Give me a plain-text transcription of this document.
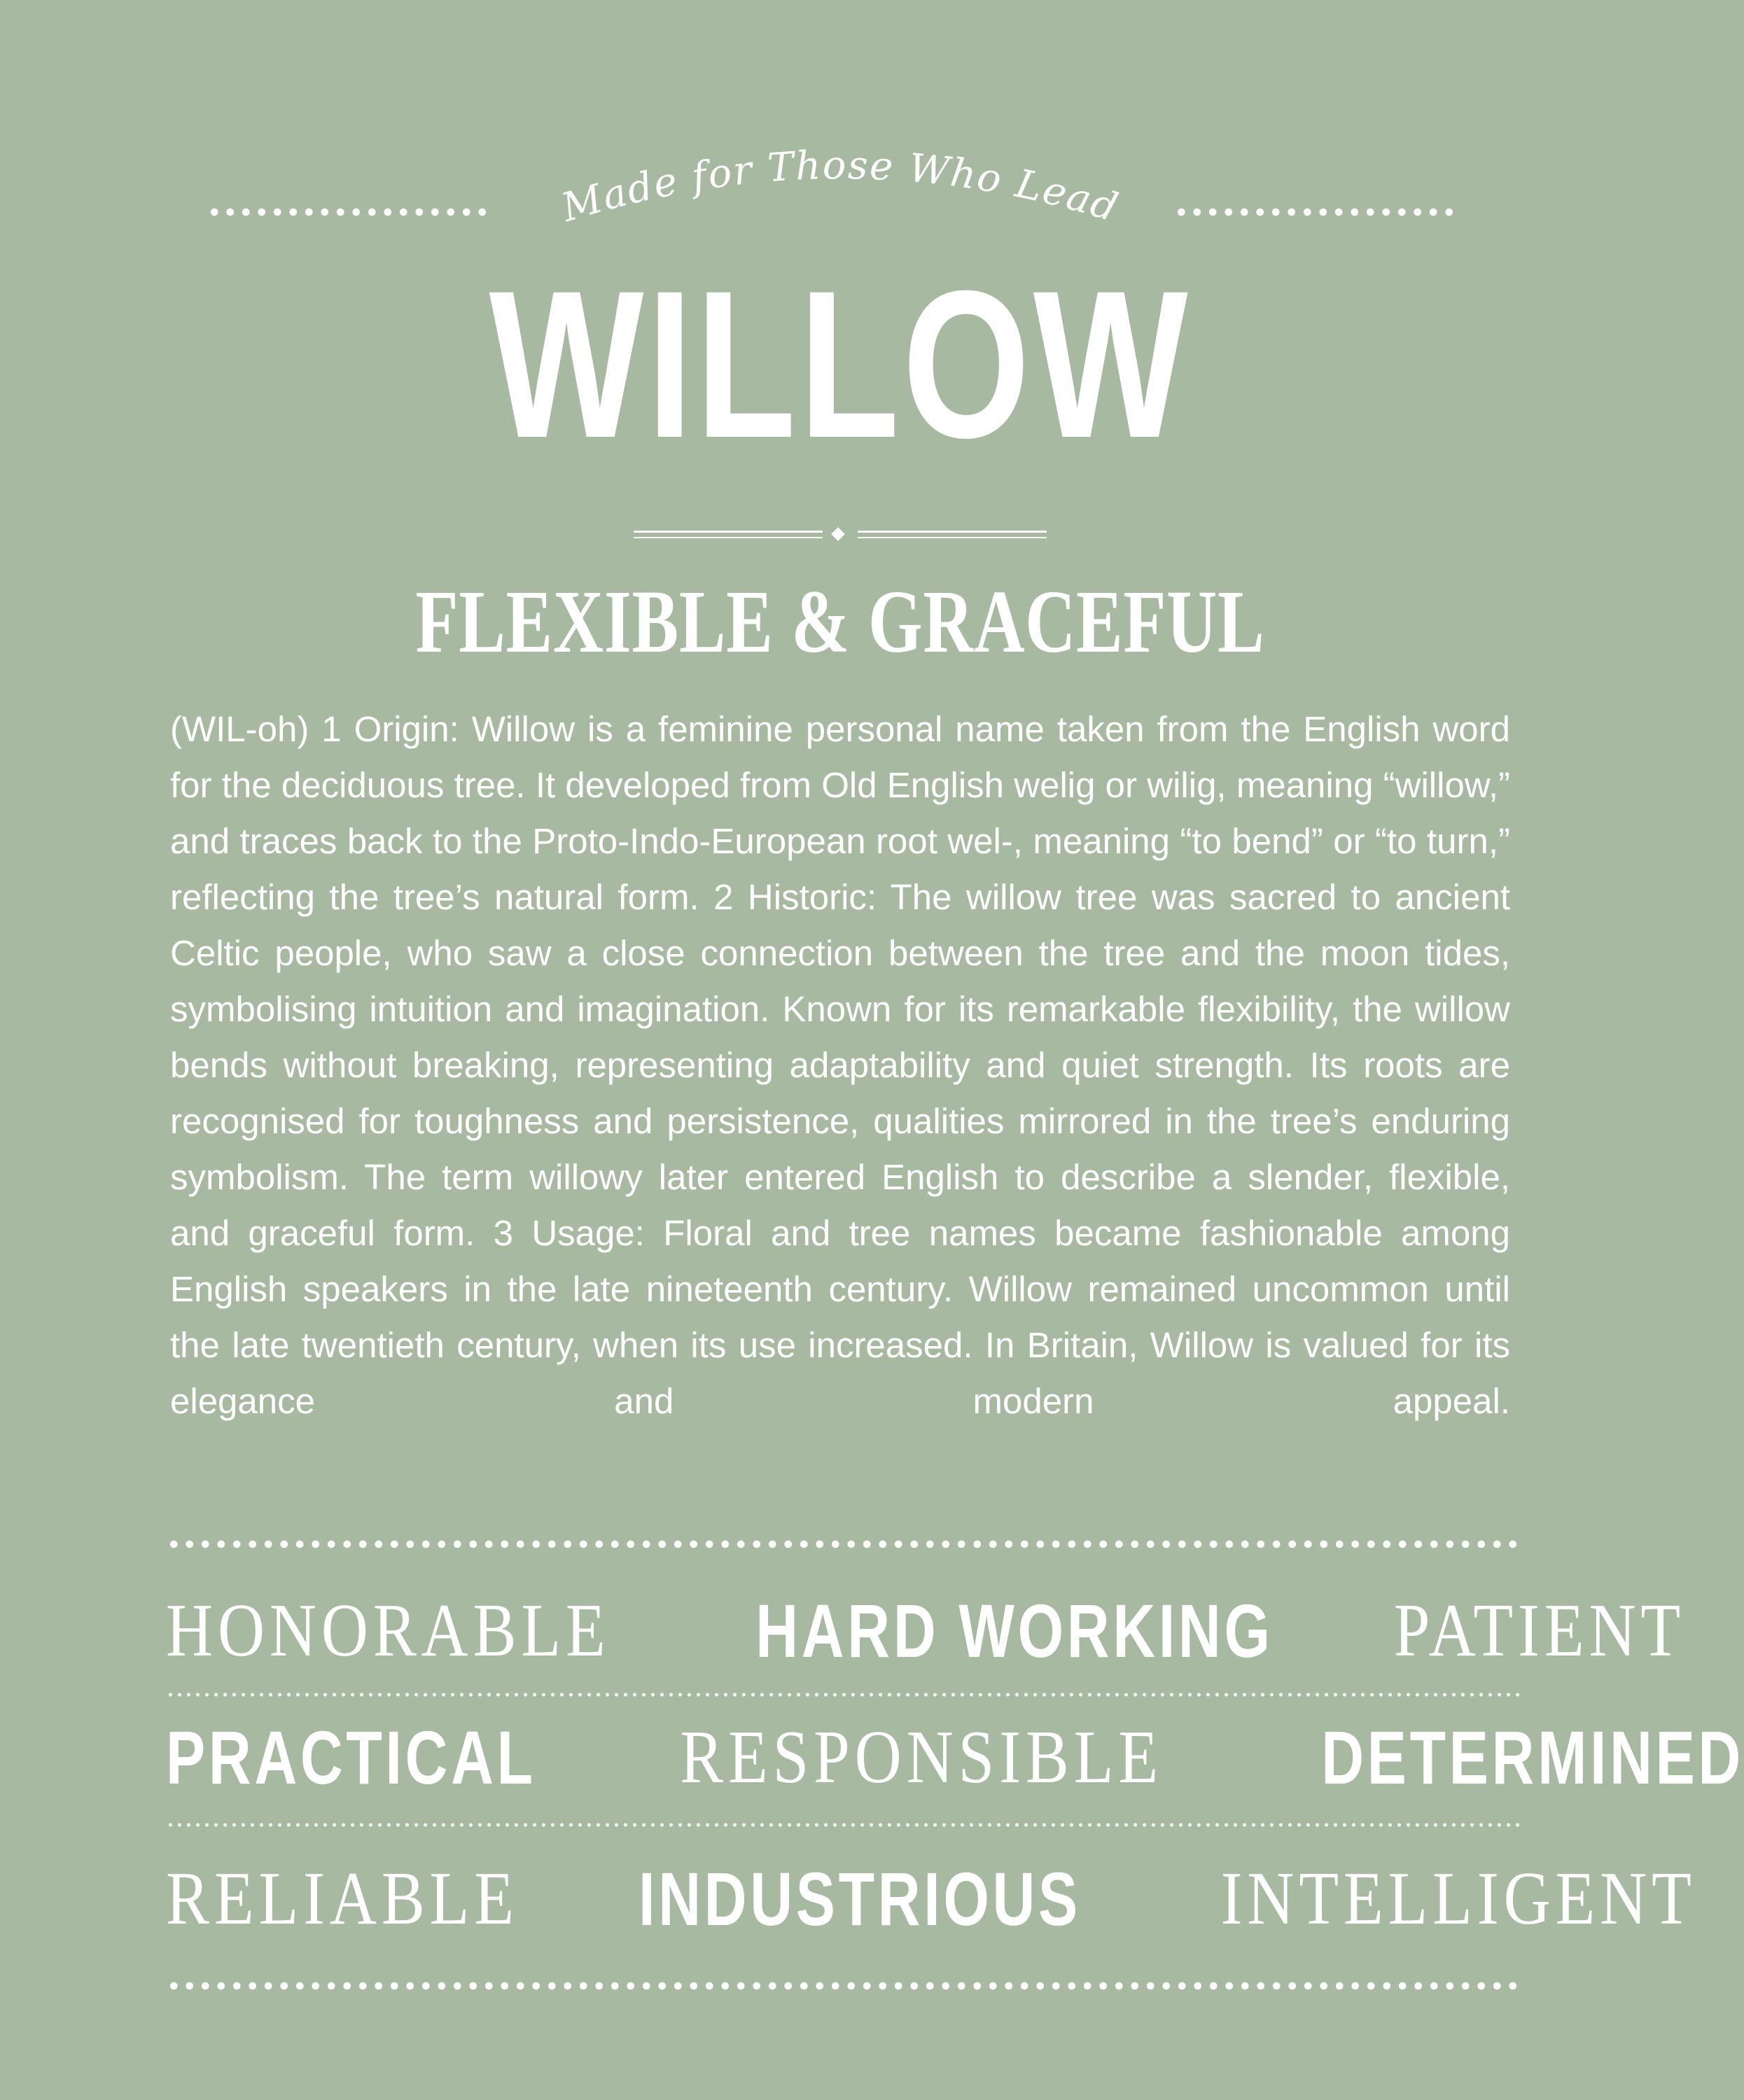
Made for Those Who Lead
WILLOW
FLEXIBLE & GRACEFUL

(WIL-oh) 1 Origin: Willow is a feminine personal name taken from the English word for the deciduous tree. It developed from Old English welig or wilig, meaning “willow,” and traces back to the Proto-Indo-European root wel-, meaning “to bend” or “to turn,” reflecting the tree’s natural form. 2 Historic: The willow tree was sacred to ancient Celtic people, who saw a close connection between the tree and the moon tides, symbolising intuition and imagination. Known for its remarkable flexibility, the willow bends without breaking, representing adaptability and quiet strength. Its roots are recognised for toughness and persistence, qualities mirrored in the tree’s enduring symbolism. The term willowy later entered English to describe a slender, flexible, and graceful form. 3 Usage: Floral and tree names became fashionable among English speakers in the late nineteenth century. Willow remained uncommon until the late twentieth century, when its use increased. In Britain, Willow is valued for its elegance and modern appeal.

HONORABLE HARD WORKING PATIENT
PRACTICAL RESPONSIBLE DETERMINED
RELIABLE INDUSTRIOUS INTELLIGENT
